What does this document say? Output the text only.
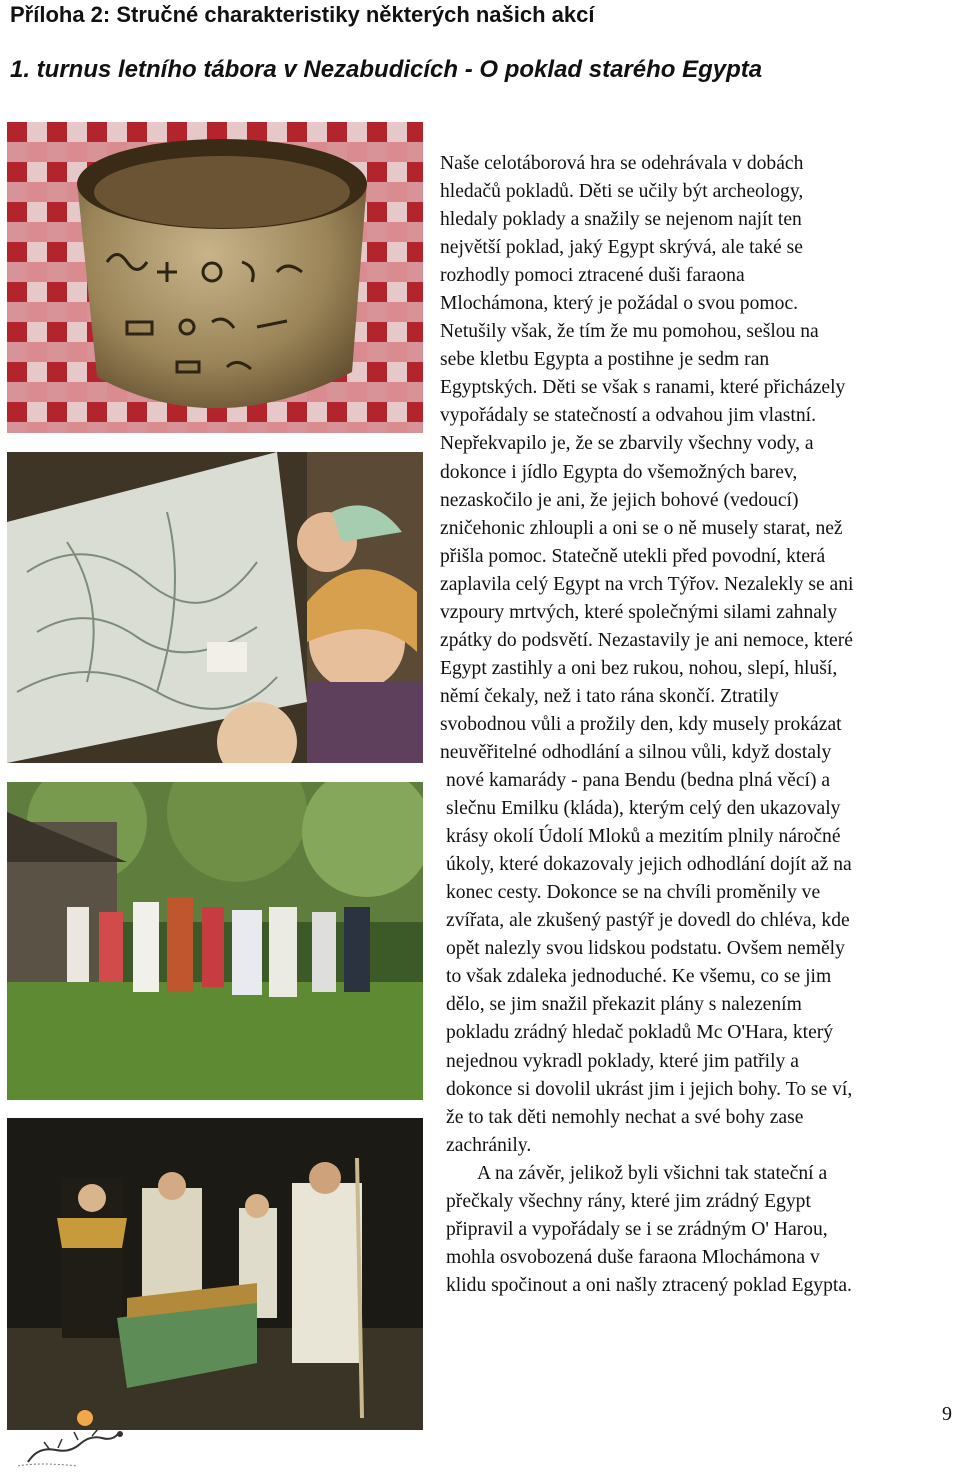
Příloha 2: Stručné charakteristiky některých našich akcí
1. turnus letního tábora v Nezabudicích - O poklad starého Egypta

Naše celotáborová hra se odehrávala v dobách
hledačů pokladů. Děti se učily být archeology,
hledaly poklady a snažily se nejenom najít ten
největší poklad, jaký Egypt skrývá, ale také se
rozhodly pomoci ztracené duši faraona
Mlochámona, který je požádal o svou pomoc.
Netušily však, že tím že mu pomohou, sešlou na
sebe kletbu Egypta a postihne je sedm ran
Egyptských. Děti se však s ranami, které přicházely
vypořádaly se statečností a odvahou jim vlastní.
Nepřekvapilo je, že se zbarvily všechny vody, a
dokonce i jídlo Egypta do všemožných barev,
nezaskočilo je ani, že jejich bohové (vedoucí)
zničehonic zhloupli a oni se o ně musely starat, než
přišla pomoc. Statečně utekli před povodní, která
zaplavila celý Egypt na vrch Týřov. Nezalekly se ani
vzpoury mrtvých, které společnými silami zahnaly
zpátky do podsvětí. Nezastavily je ani nemoce, které
Egypt zastihly a oni bez rukou, nohou, slepí, hluší,
němí čekaly, než i tato rána skončí. Ztratily
svobodnou vůli a prožily den, kdy musely prokázat
neuvěřitelné odhodlání a silnou vůli, když dostaly
nové kamarády - pana Bendu (bedna plná věcí) a
slečnu Emilku (kláda), kterým celý den ukazovaly
krásy okolí Údolí Mloků a mezitím plnily náročné
úkoly, které dokazovaly jejich odhodlání dojít až na
konec cesty. Dokonce se na chvíli proměnily ve
zvířata, ale zkušený pastýř je dovedl do chléva, kde
opět nalezly svou lidskou podstatu. Ovšem neměly
to však zdaleka jednoduché. Ke všemu, co se jim
dělo, se jim snažil překazit plány s nalezením
pokladu zrádný hledač pokladů Mc O'Hara, který
nejednou vykradl poklady, které jim patřily a
dokonce si dovolil ukrást jim i jejich bohy. To se ví,
že to tak děti nemohly nechat a své bohy zase
zachránily.

A na závěr, jelikož byli všichni tak stateční a
přečkaly všechny rány, které jim zrádný Egypt
připravil a vypořádaly se i se zrádným O' Harou,
mohla osvobozená duše faraona Mlochámona v
klidu spočinout a oni našly ztracený poklad Egypta.

9
